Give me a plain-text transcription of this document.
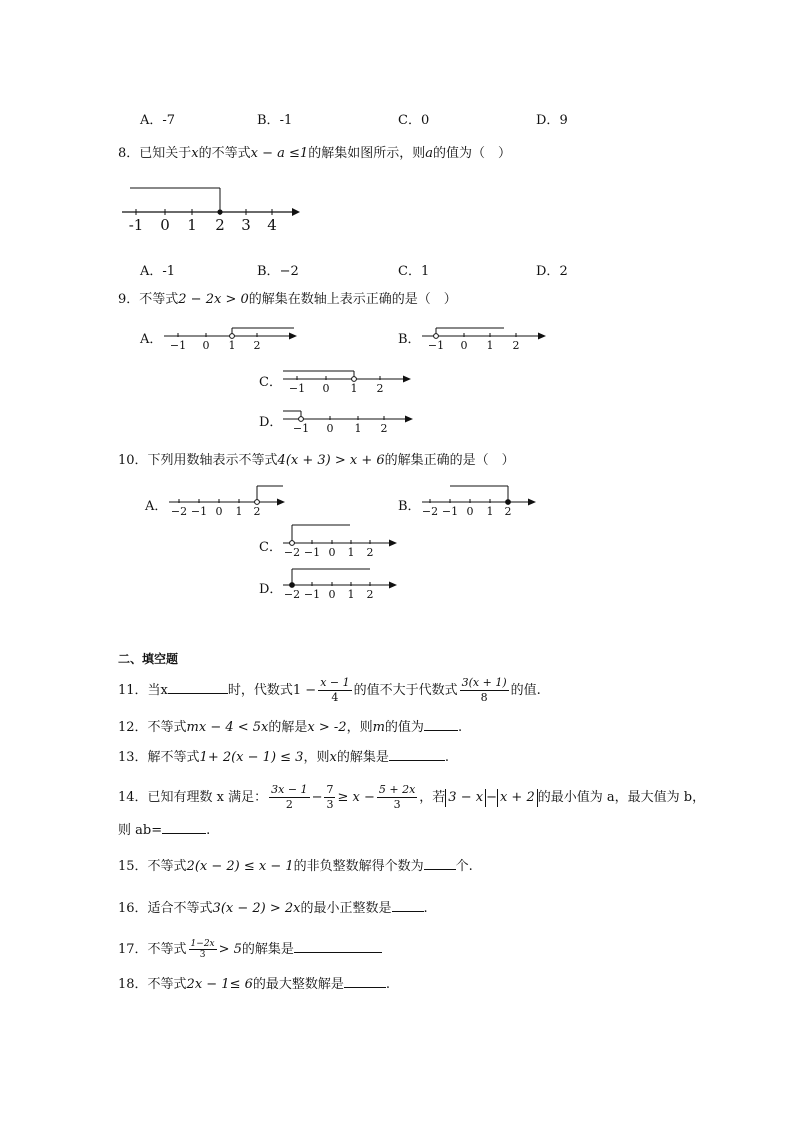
A．-7	B．-1	C．0	D．9
8．已知关于x的不等式x − a ≤1的解集如图所示，则a的值为（　）
-1 0 1 2 3 4
A．-1	B．−2	C．1	D．2
9．不等式2 − 2x > 0的解集在数轴上表示正确的是（　）
A． −1 0 1 2	B． −1 0 1 2
C． −1 0 1 2
D． −1 0 1 2
10．下列用数轴表示不等式4(x + 3) > x + 6的解集正确的是（　）
A． −2 −1 0 1 2	B． −2 −1 0 1 2
C． −2 −1 0 1 2
D． −2 −1 0 1 2
二、填空题
11．当x	时，代数式$1 - \frac{x - 1}{4}$ 的值不大于代数式 $\frac{3(x + 1)}{8}$ 的值.
12．不等式mx − 4 < 5x的解是x > -2，则m的值为	.
13．解不等式1+ 2(x − 1) ≤ 3，则x的解集是	.
14．已知有理数 x 满足： $\frac{3x - 1}{2} - \frac{7}{3} \ge x - \frac{5 + 2x}{3}$ ，若 3 − x − x + 2 的最小值为 a，最大值为 b，
则 ab=	.
15．不等式2(x − 2) ≤ x − 1的非负整数解得个数为 个.
16．适合不等式3(x − 2) > 2x的最小正整数是 .
17．不等式 $\frac{1-2x}{3} > 5$的解集是
18．不等式2x − 1≤ 6的最大整数解是	.
